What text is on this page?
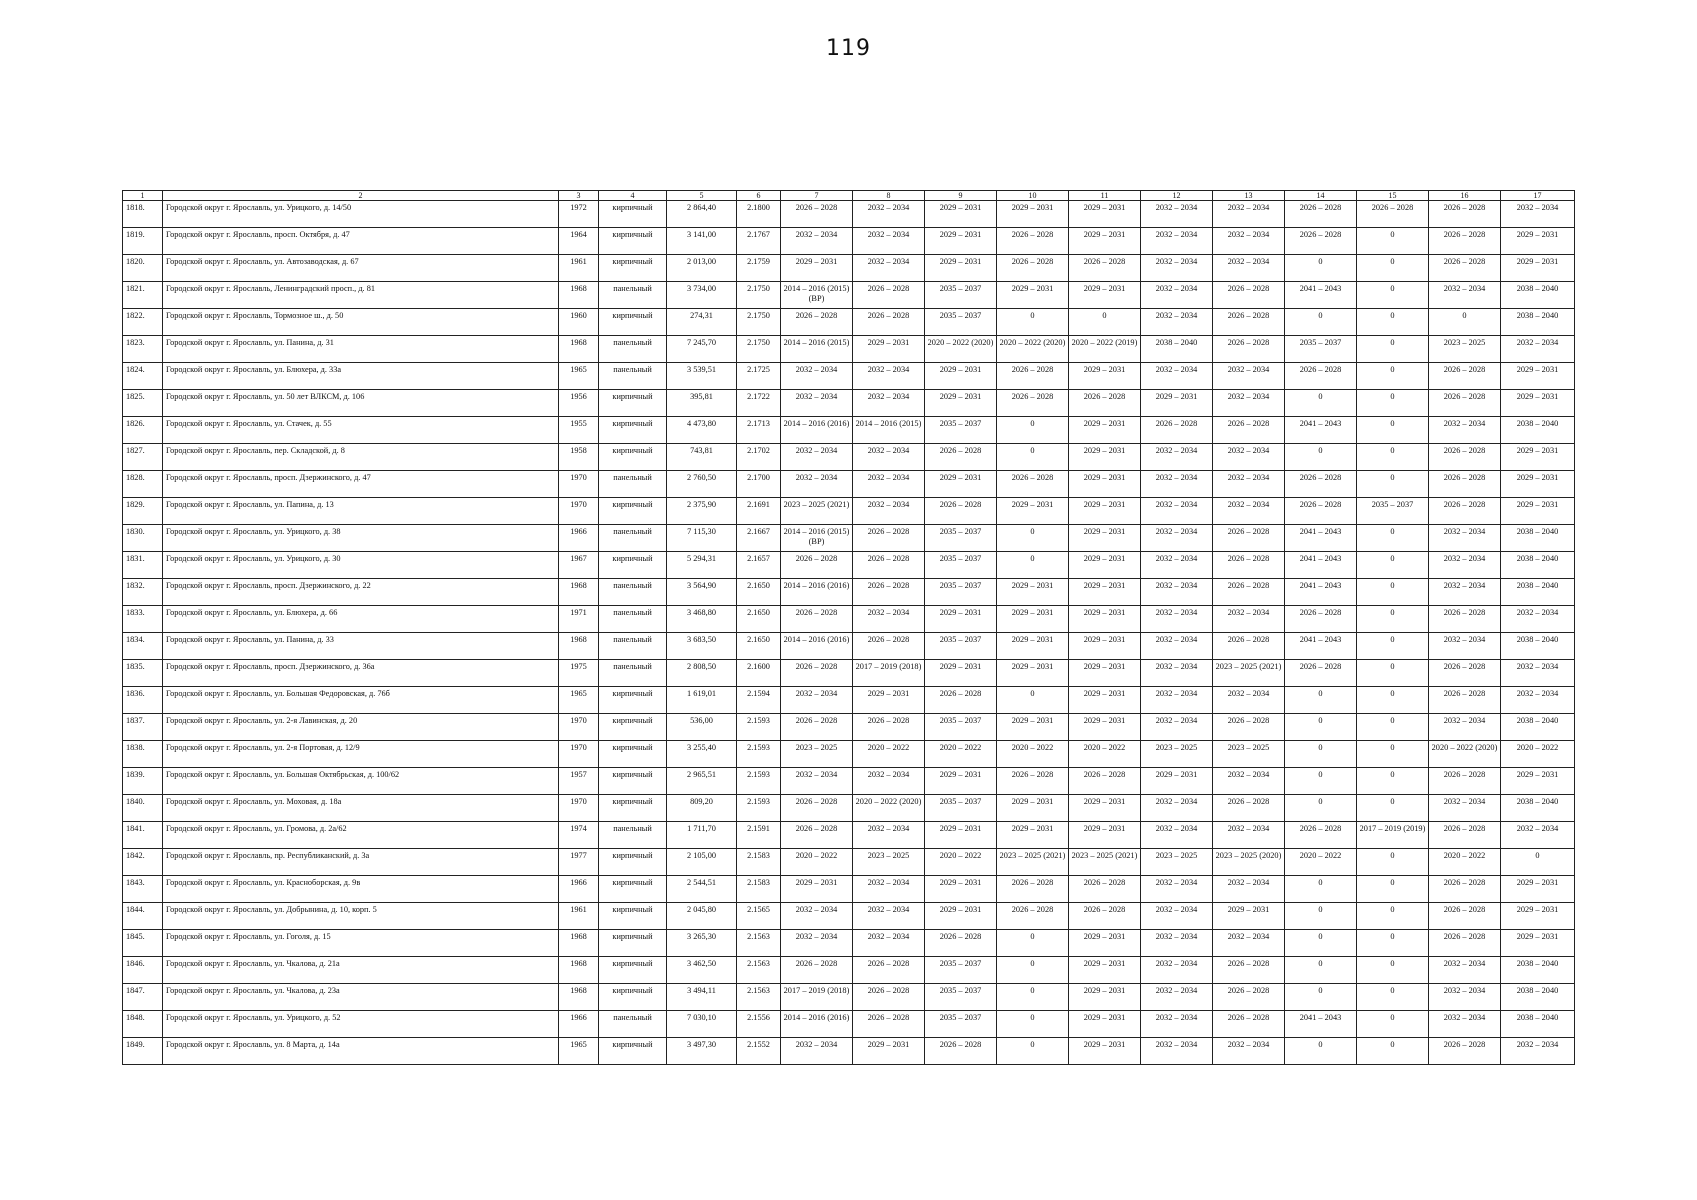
119
1	2	3	4	5	6	7	8	9	10	11	12	13	14	15	16	17
1818.	Городской округ г. Ярославль, ул. Урицкого, д. 14/50	1972	кирпичный	2 864,40	2.1800	2026 – 2028	2032 – 2034	2029 – 2031	2029 – 2031	2029 – 2031	2032 – 2034	2032 – 2034	2026 – 2028	2026 – 2028	2026 – 2028	2032 – 2034
1819.	Городской округ г. Ярославль, просп. Октября, д. 47	1964	кирпичный	3 141,00	2.1767	2032 – 2034	2032 – 2034	2029 – 2031	2026 – 2028	2029 – 2031	2032 – 2034	2032 – 2034	2026 – 2028	0	2026 – 2028	2029 – 2031
1820.	Городской округ г. Ярославль, ул. Автозаводская, д. 67	1961	кирпичный	2 013,00	2.1759	2029 – 2031	2032 – 2034	2029 – 2031	2026 – 2028	2026 – 2028	2032 – 2034	2032 – 2034	0	0	2026 – 2028	2029 – 2031
1821.	Городской округ г. Ярославль, Ленинградский просп., д. 81	1968	панельный	3 734,00	2.1750	2014 – 2016 (2015) (ВР)	2026 – 2028	2035 – 2037	2029 – 2031	2029 – 2031	2032 – 2034	2026 – 2028	2041 – 2043	0	2032 – 2034	2038 – 2040
1822.	Городской округ г. Ярославль, Тормозное ш., д. 50	1960	кирпичный	274,31	2.1750	2026 – 2028	2026 – 2028	2035 – 2037	0	0	2032 – 2034	2026 – 2028	0	0	0	2038 – 2040
1823.	Городской округ г. Ярославль, ул. Панина, д. 31	1968	панельный	7 245,70	2.1750	2014 – 2016 (2015)	2029 – 2031	2020 – 2022 (2020)	2020 – 2022 (2020)	2020 – 2022 (2019)	2038 – 2040	2026 – 2028	2035 – 2037	0	2023 – 2025	2032 – 2034
1824.	Городской округ г. Ярославль, ул. Блюхера, д. 33а	1965	панельный	3 539,51	2.1725	2032 – 2034	2032 – 2034	2029 – 2031	2026 – 2028	2029 – 2031	2032 – 2034	2032 – 2034	2026 – 2028	0	2026 – 2028	2029 – 2031
1825.	Городской округ г. Ярославль, ул. 50 лет ВЛКСМ, д. 106	1956	кирпичный	395,81	2.1722	2032 – 2034	2032 – 2034	2029 – 2031	2026 – 2028	2026 – 2028	2029 – 2031	2032 – 2034	0	0	2026 – 2028	2029 – 2031
1826.	Городской округ г. Ярославль, ул. Стачек, д. 55	1955	кирпичный	4 473,80	2.1713	2014 – 2016 (2016)	2014 – 2016 (2015)	2035 – 2037	0	2029 – 2031	2026 – 2028	2026 – 2028	2041 – 2043	0	2032 – 2034	2038 – 2040
1827.	Городской округ г. Ярославль, пер. Складской, д. 8	1958	кирпичный	743,81	2.1702	2032 – 2034	2032 – 2034	2026 – 2028	0	2029 – 2031	2032 – 2034	2032 – 2034	0	0	2026 – 2028	2029 – 2031
1828.	Городской округ г. Ярославль, просп. Дзержинского, д. 47	1970	панельный	2 760,50	2.1700	2032 – 2034	2032 – 2034	2029 – 2031	2026 – 2028	2029 – 2031	2032 – 2034	2032 – 2034	2026 – 2028	0	2026 – 2028	2029 – 2031
1829.	Городской округ г. Ярославль, ул. Папина, д. 13	1970	кирпичный	2 375,90	2.1691	2023 – 2025 (2021)	2032 – 2034	2026 – 2028	2029 – 2031	2029 – 2031	2032 – 2034	2032 – 2034	2026 – 2028	2035 – 2037	2026 – 2028	2029 – 2031
1830.	Городской округ г. Ярославль, ул. Урицкого, д. 38	1966	панельный	7 115,30	2.1667	2014 – 2016 (2015) (ВР)	2026 – 2028	2035 – 2037	0	2029 – 2031	2032 – 2034	2026 – 2028	2041 – 2043	0	2032 – 2034	2038 – 2040
1831.	Городской округ г. Ярославль, ул. Урицкого, д. 30	1967	кирпичный	5 294,31	2.1657	2026 – 2028	2026 – 2028	2035 – 2037	0	2029 – 2031	2032 – 2034	2026 – 2028	2041 – 2043	0	2032 – 2034	2038 – 2040
1832.	Городской округ г. Ярославль, просп. Дзержинского, д. 22	1968	панельный	3 564,90	2.1650	2014 – 2016 (2016)	2026 – 2028	2035 – 2037	2029 – 2031	2029 – 2031	2032 – 2034	2026 – 2028	2041 – 2043	0	2032 – 2034	2038 – 2040
1833.	Городской округ г. Ярославль, ул. Блюхера, д. 66	1971	панельный	3 468,80	2.1650	2026 – 2028	2032 – 2034	2029 – 2031	2029 – 2031	2029 – 2031	2032 – 2034	2032 – 2034	2026 – 2028	0	2026 – 2028	2032 – 2034
1834.	Городской округ г. Ярославль, ул. Панина, д. 33	1968	панельный	3 683,50	2.1650	2014 – 2016 (2016)	2026 – 2028	2035 – 2037	2029 – 2031	2029 – 2031	2032 – 2034	2026 – 2028	2041 – 2043	0	2032 – 2034	2038 – 2040
1835.	Городской округ г. Ярославль, просп. Дзержинского, д. 36а	1975	панельный	2 808,50	2.1600	2026 – 2028	2017 – 2019 (2018)	2029 – 2031	2029 – 2031	2029 – 2031	2032 – 2034	2023 – 2025 (2021)	2026 – 2028	0	2026 – 2028	2032 – 2034
1836.	Городской округ г. Ярославль, ул. Большая Федоровская, д. 76б	1965	кирпичный	1 619,01	2.1594	2032 – 2034	2029 – 2031	2026 – 2028	0	2029 – 2031	2032 – 2034	2032 – 2034	0	0	2026 – 2028	2032 – 2034
1837.	Городской округ г. Ярославль, ул. 2-я Лавинская, д. 20	1970	кирпичный	536,00	2.1593	2026 – 2028	2026 – 2028	2035 – 2037	2029 – 2031	2029 – 2031	2032 – 2034	2026 – 2028	0	0	2032 – 2034	2038 – 2040
1838.	Городской округ г. Ярославль, ул. 2-я Портовая, д. 12/9	1970	кирпичный	3 255,40	2.1593	2023 – 2025	2020 – 2022	2020 – 2022	2020 – 2022	2020 – 2022	2023 – 2025	2023 – 2025	0	0	2020 – 2022 (2020)	2020 – 2022
1839.	Городской округ г. Ярославль, ул. Большая Октябрьская, д. 100/62	1957	кирпичный	2 965,51	2.1593	2032 – 2034	2032 – 2034	2029 – 2031	2026 – 2028	2026 – 2028	2029 – 2031	2032 – 2034	0	0	2026 – 2028	2029 – 2031
1840.	Городской округ г. Ярославль, ул. Моховая, д. 18а	1970	кирпичный	809,20	2.1593	2026 – 2028	2020 – 2022 (2020)	2035 – 2037	2029 – 2031	2029 – 2031	2032 – 2034	2026 – 2028	0	0	2032 – 2034	2038 – 2040
1841.	Городской округ г. Ярославль, ул. Громова, д. 2а/62	1974	панельный	1 711,70	2.1591	2026 – 2028	2032 – 2034	2029 – 2031	2029 – 2031	2029 – 2031	2032 – 2034	2032 – 2034	2026 – 2028	2017 – 2019 (2019)	2026 – 2028	2032 – 2034
1842.	Городской округ г. Ярославль, пр. Республиканский, д. 3а	1977	кирпичный	2 105,00	2.1583	2020 – 2022	2023 – 2025	2020 – 2022	2023 – 2025 (2021)	2023 – 2025 (2021)	2023 – 2025	2023 – 2025 (2020)	2020 – 2022	0	2020 – 2022	0
1843.	Городской округ г. Ярославль, ул. Красноборская, д. 9в	1966	кирпичный	2 544,51	2.1583	2029 – 2031	2032 – 2034	2029 – 2031	2026 – 2028	2026 – 2028	2032 – 2034	2032 – 2034	0	0	2026 – 2028	2029 – 2031
1844.	Городской округ г. Ярославль, ул. Добрынина, д. 10, корп. 5	1961	кирпичный	2 045,80	2.1565	2032 – 2034	2032 – 2034	2029 – 2031	2026 – 2028	2026 – 2028	2032 – 2034	2029 – 2031	0	0	2026 – 2028	2029 – 2031
1845.	Городской округ г. Ярославль, ул. Гоголя, д. 15	1968	кирпичный	3 265,30	2.1563	2032 – 2034	2032 – 2034	2026 – 2028	0	2029 – 2031	2032 – 2034	2032 – 2034	0	0	2026 – 2028	2029 – 2031
1846.	Городской округ г. Ярославль, ул. Чкалова, д. 21а	1968	кирпичный	3 462,50	2.1563	2026 – 2028	2026 – 2028	2035 – 2037	0	2029 – 2031	2032 – 2034	2026 – 2028	0	0	2032 – 2034	2038 – 2040
1847.	Городской округ г. Ярославль, ул. Чкалова, д. 23а	1968	кирпичный	3 494,11	2.1563	2017 – 2019 (2018)	2026 – 2028	2035 – 2037	0	2029 – 2031	2032 – 2034	2026 – 2028	0	0	2032 – 2034	2038 – 2040
1848.	Городской округ г. Ярославль, ул. Урицкого, д. 52	1966	панельный	7 030,10	2.1556	2014 – 2016 (2016)	2026 – 2028	2035 – 2037	0	2029 – 2031	2032 – 2034	2026 – 2028	2041 – 2043	0	2032 – 2034	2038 – 2040
1849.	Городской округ г. Ярославль, ул. 8 Марта, д. 14а	1965	кирпичный	3 497,30	2.1552	2032 – 2034	2029 – 2031	2026 – 2028	0	2029 – 2031	2032 – 2034	2032 – 2034	0	0	2026 – 2028	2032 – 2034
